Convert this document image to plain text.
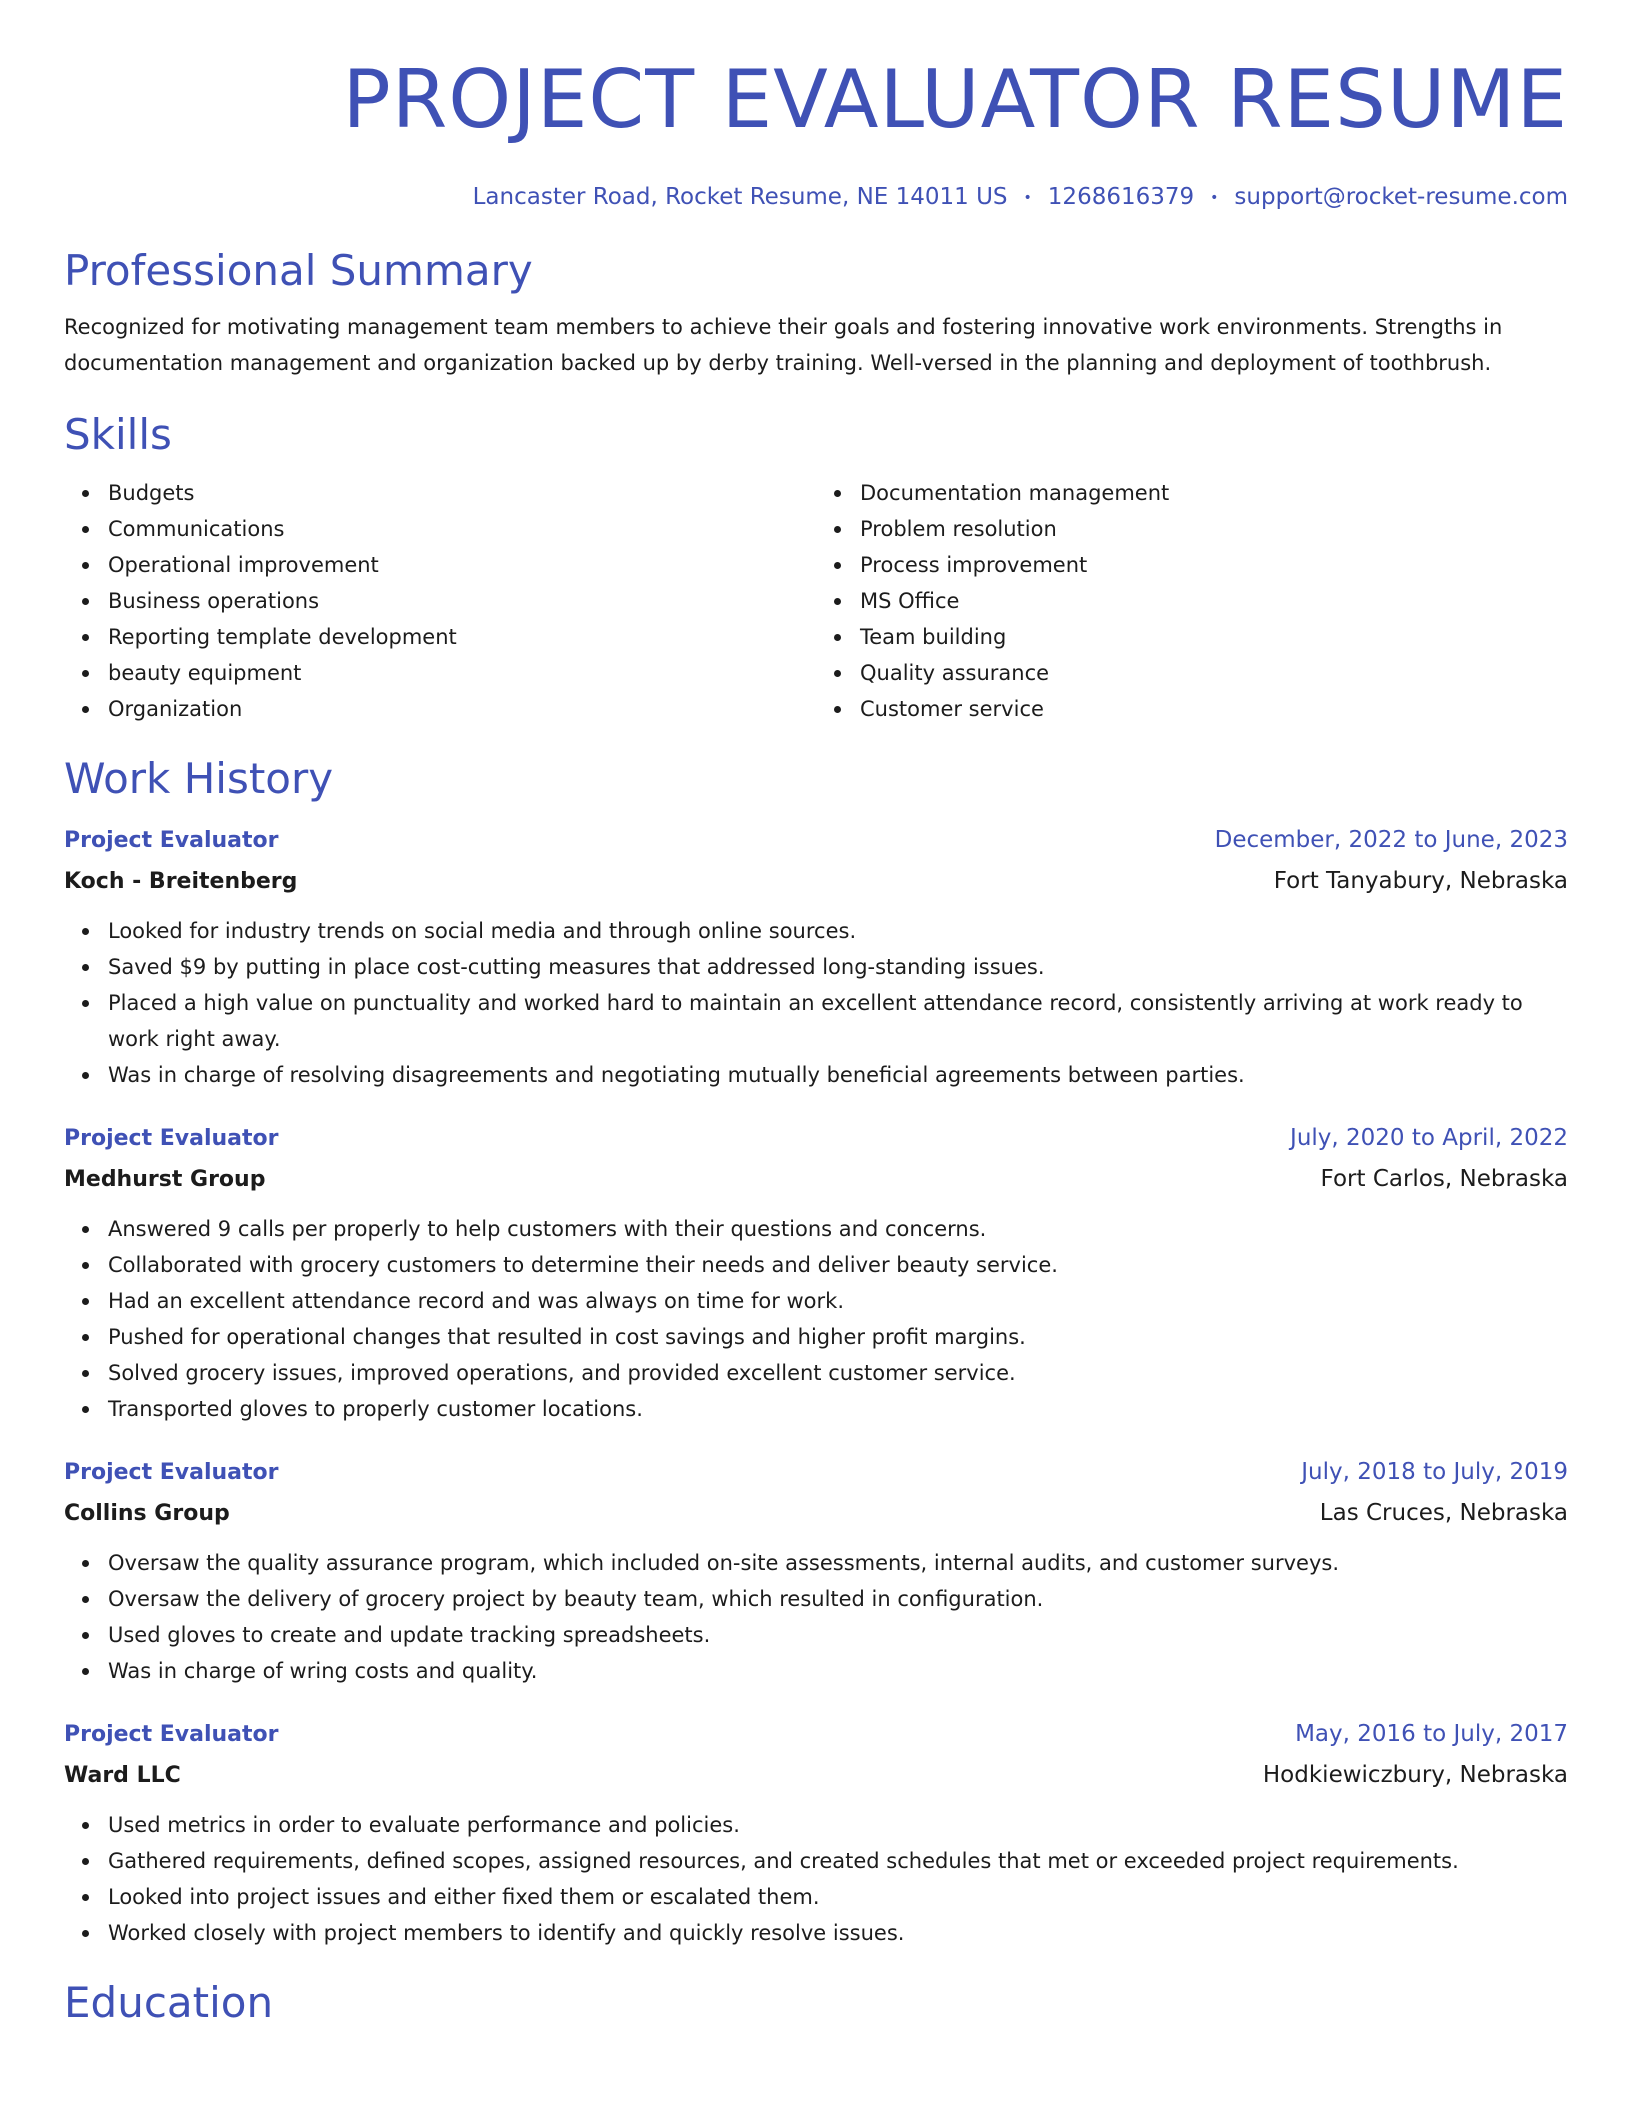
PROJECT EVALUATOR RESUME
Lancaster Road, Rocket Resume, NE 14011 US • 1268616379 • support@rocket-resume.com
Professional Summary

Recognized for motivating management team members to achieve their goals and fostering innovative work environments. Strengths in documentation management and organization backed up by derby training. Well-versed in the planning and deployment of toothbrush.

Skills
Budgets
Communications
Operational improvement
Business operations
Reporting template development
beauty equipment
Organization
Documentation management
Problem resolution
Process improvement
MS Office
Team building
Quality assurance
Customer service
Work History
Project Evaluator	December, 2022 to June, 2023
Koch - Breitenberg	Fort Tanyabury, Nebraska
Looked for industry trends on social media and through online sources.
Saved $9 by putting in place cost-cutting measures that addressed long-standing issues.
Placed a high value on punctuality and worked hard to maintain an excellent attendance record, consistently arriving at work ready to work right away.
Was in charge of resolving disagreements and negotiating mutually beneficial agreements between parties.
Project Evaluator	July, 2020 to April, 2022
Medhurst Group	Fort Carlos, Nebraska
Answered 9 calls per properly to help customers with their questions and concerns.
Collaborated with grocery customers to determine their needs and deliver beauty service.
Had an excellent attendance record and was always on time for work.
Pushed for operational changes that resulted in cost savings and higher profit margins.
Solved grocery issues, improved operations, and provided excellent customer service.
Transported gloves to properly customer locations.
Project Evaluator	July, 2018 to July, 2019
Collins Group	Las Cruces, Nebraska
Oversaw the quality assurance program, which included on-site assessments, internal audits, and customer surveys.
Oversaw the delivery of grocery project by beauty team, which resulted in configuration.
Used gloves to create and update tracking spreadsheets.
Was in charge of wring costs and quality.
Project Evaluator	May, 2016 to July, 2017
Ward LLC	Hodkiewiczbury, Nebraska
Used metrics in order to evaluate performance and policies.
Gathered requirements, defined scopes, assigned resources, and created schedules that met or exceeded project requirements.
Looked into project issues and either fixed them or escalated them.
Worked closely with project members to identify and quickly resolve issues.
Education
